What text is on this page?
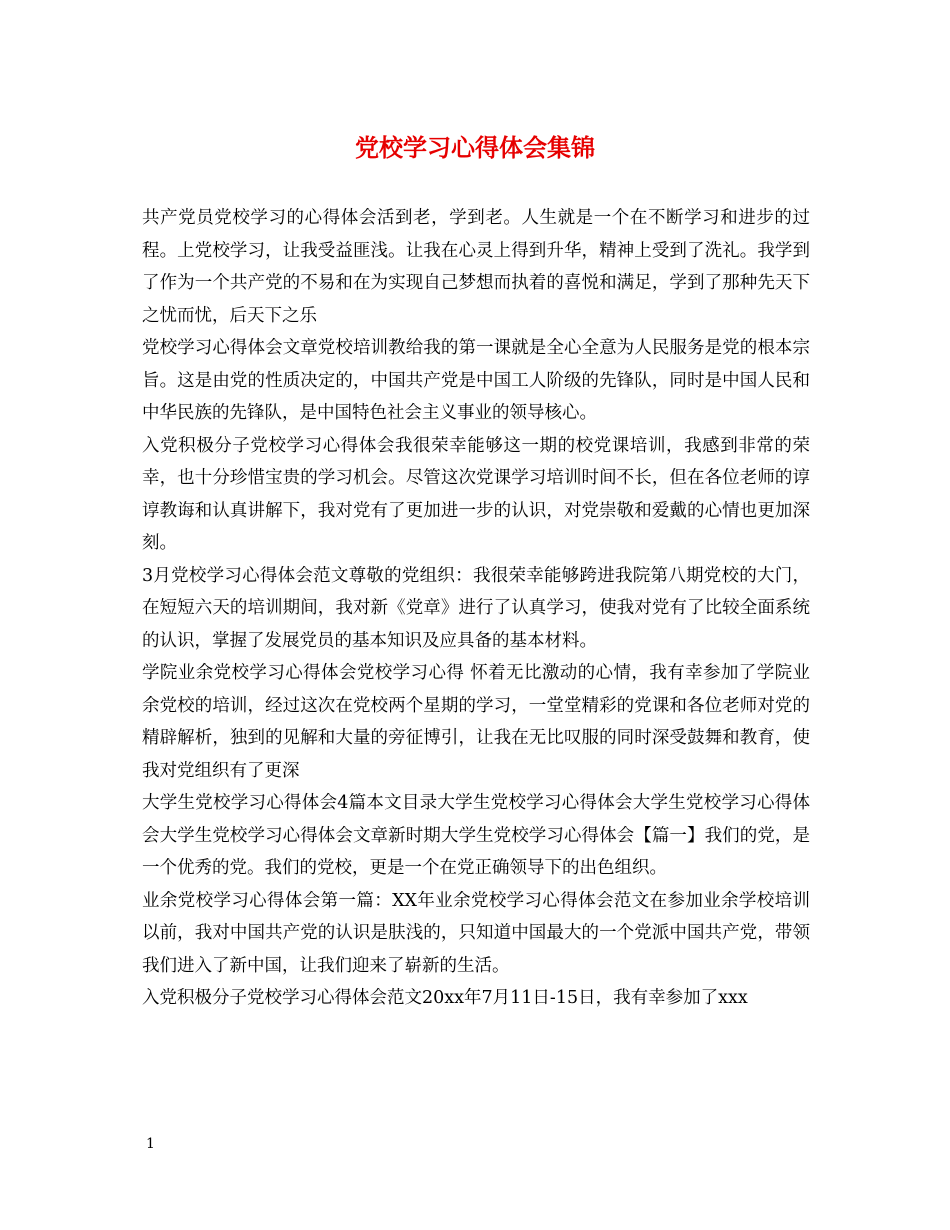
党校学习心得体会集锦

共产党员党校学习的心得体会活到老，学到老。人生就是一个在不断学习和进步的过程。上党校学习，让我受益匪浅。让我在心灵上得到升华，精神上受到了洗礼。我学到了作为一个共产党的不易和在为实现自己梦想而执着的喜悦和满足，学到了那种先天下之忧而忧，后天下之乐

党校学习心得体会文章党校培训教给我的第一课就是全心全意为人民服务是党的根本宗旨。这是由党的性质决定的，中国共产党是中国工人阶级的先锋队，同时是中国人民和中华民族的先锋队，是中国特色社会主义事业的领导核心。

入党积极分子党校学习心得体会我很荣幸能够这一期的校党课培训，我感到非常的荣幸，也十分珍惜宝贵的学习机会。尽管这次党课学习培训时间不长，但在各位老师的谆谆教诲和认真讲解下，我对党有了更加进一步的认识，对党崇敬和爱戴的心情也更加深刻。

3月党校学习心得体会范文尊敬的党组织：我很荣幸能够跨进我院第八期党校的大门，在短短六天的培训期间，我对新《党章》进行了认真学习，使我对党有了比较全面系统的认识，掌握了发展党员的基本知识及应具备的基本材料。

学院业余党校学习心得体会党校学习心得 怀着无比激动的心情，我有幸参加了学院业余党校的培训，经过这次在党校两个星期的学习，一堂堂精彩的党课和各位老师对党的精辟解析，独到的见解和大量的旁征博引，让我在无比叹服的同时深受鼓舞和教育，使我对党组织有了更深

大学生党校学习心得体会4篇本文目录大学生党校学习心得体会大学生党校学习心得体会大学生党校学习心得体会文章新时期大学生党校学习心得体会【篇一】我们的党，是一个优秀的党。我们的党校，更是一个在党正确领导下的出色组织。

业余党校学习心得体会第一篇：XX年业余党校学习心得体会范文在参加业余学校培训以前，我对中国共产党的认识是肤浅的，只知道中国最大的一个党派中国共产党，带领我们进入了新中国，让我们迎来了崭新的生活。

入党积极分子党校学习心得体会范文20xx年7月11日-15日，我有幸参加了xxx

1
